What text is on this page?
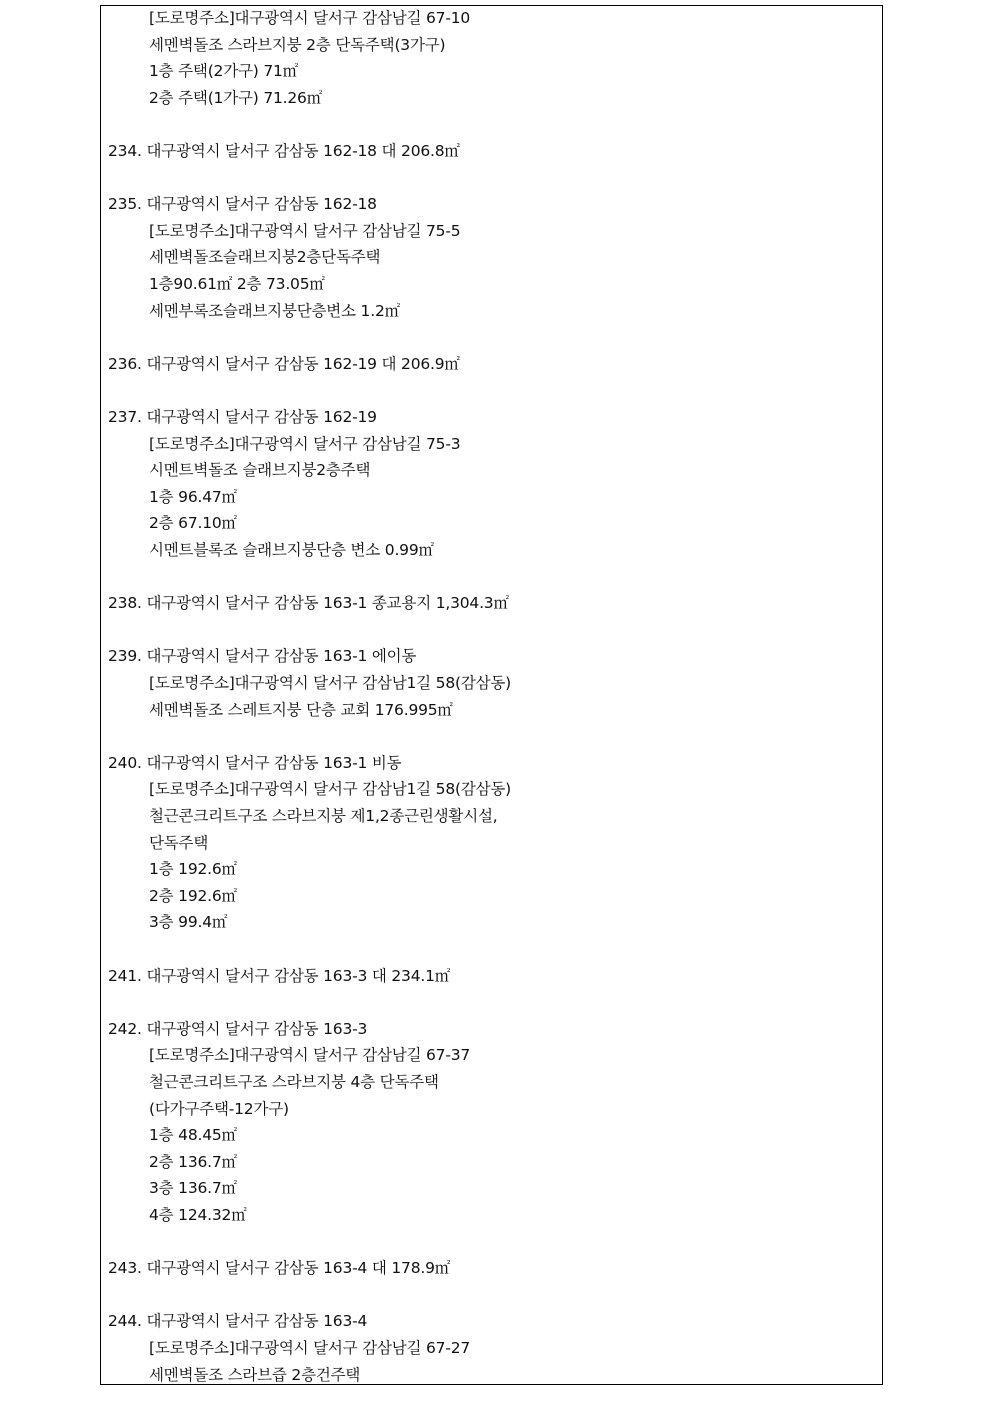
[도로명주소]대구광역시 달서구 감삼남길 67-10
세멘벽돌조 스라브지붕 2층 단독주택(3가구)
1층 주택(2가구) 71㎡
2층 주택(1가구) 71.26㎡
234. 대구광역시 달서구 감삼동 162-18 대 206.8㎡
235. 대구광역시 달서구 감삼동 162-18
[도로명주소]대구광역시 달서구 감삼남길 75-5
세멘벽돌조슬래브지붕2층단독주택
1층90.61㎡ 2층 73.05㎡
세멘부록조슬래브지붕단층변소 1.2㎡
236. 대구광역시 달서구 감삼동 162-19 대 206.9㎡
237. 대구광역시 달서구 감삼동 162-19
[도로명주소]대구광역시 달서구 감삼남길 75-3
시멘트벽돌조 슬래브지붕2층주택
1층 96.47㎡
2층 67.10㎡
시멘트블록조 슬래브지붕단층 변소 0.99㎡
238. 대구광역시 달서구 감삼동 163-1 종교용지 1,304.3㎡
239. 대구광역시 달서구 감삼동 163-1 에이동
[도로명주소]대구광역시 달서구 감삼남1길 58(감삼동)
세멘벽돌조 스레트지붕 단층 교회 176.995㎡
240. 대구광역시 달서구 감삼동 163-1 비동
[도로명주소]대구광역시 달서구 감삼남1길 58(감삼동)
철근콘크리트구조 스라브지붕 제1,2종근린생활시설,
단독주택
1층 192.6㎡
2층 192.6㎡
3층 99.4㎡
241. 대구광역시 달서구 감삼동 163-3 대 234.1㎡
242. 대구광역시 달서구 감삼동 163-3
[도로명주소]대구광역시 달서구 감삼남길 67-37
철근콘크리트구조 스라브지붕 4층 단독주택
(다가구주택-12가구)
1층 48.45㎡
2층 136.7㎡
3층 136.7㎡
4층 124.32㎡
243. 대구광역시 달서구 감삼동 163-4 대 178.9㎡
244. 대구광역시 달서구 감삼동 163-4
[도로명주소]대구광역시 달서구 감삼남길 67-27
세멘벽돌조 스라브즙 2층건주택
